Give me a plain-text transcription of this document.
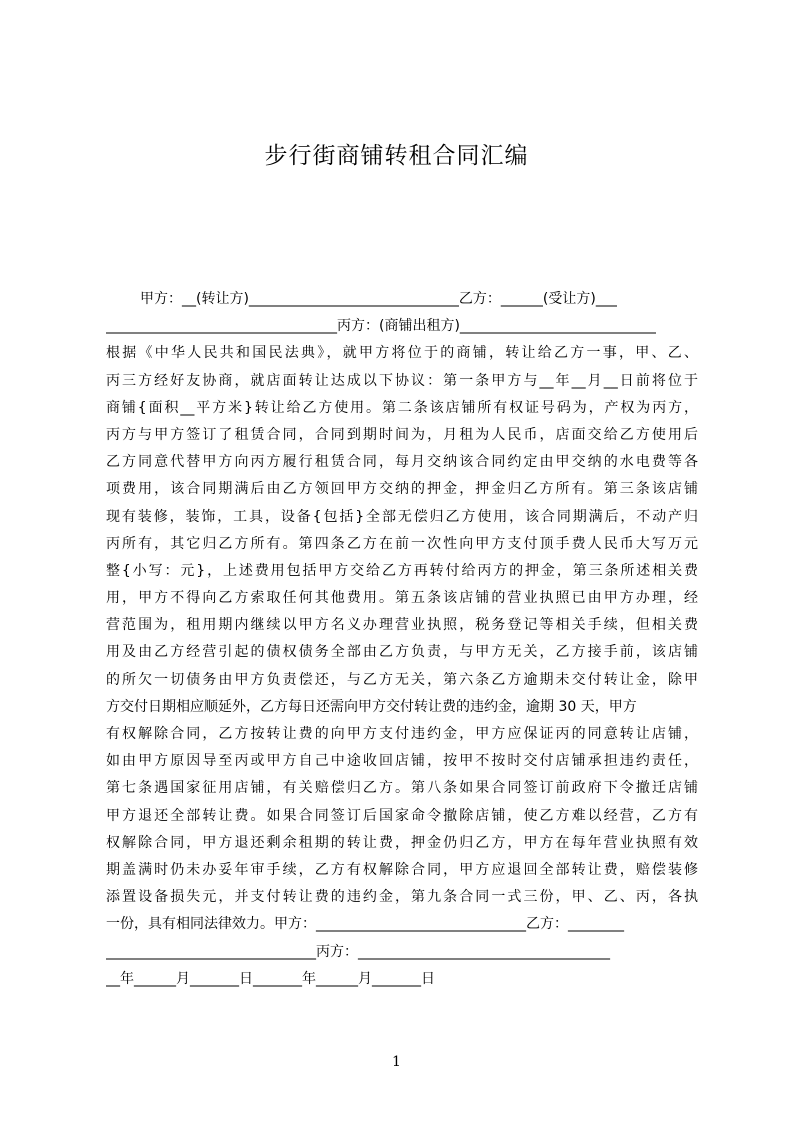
步行街商铺转租合同汇编
甲方：__(转让方)______________________________乙方：______(受让方)___
_________________________________丙方：(商铺出租方)____________________________
根据《中华人民共和国民法典》，就甲方将位于的商铺，转让给乙方一事，甲、乙、
丙三方经好友协商，就店面转让达成以下协议：第一条甲方与__年__月__日前将位于
商铺{面积__平方米}转让给乙方使用。第二条该店铺所有权证号码为，产权为丙方，
丙方与甲方签订了租赁合同，合同到期时间为，月租为人民币，店面交给乙方使用后
乙方同意代替甲方向丙方履行租赁合同，每月交纳该合同约定由甲交纳的水电费等各
项费用，该合同期满后由乙方领回甲方交纳的押金，押金归乙方所有。第三条该店铺
现有装修，装饰，工具，设备{包括}全部无偿归乙方使用，该合同期满后，不动产归
丙所有，其它归乙方所有。第四条乙方在前一次性向甲方支付顶手费人民币大写万元
整{小写：元}，上述费用包括甲方交给乙方再转付给丙方的押金，第三条所述相关费
用，甲方不得向乙方索取任何其他费用。第五条该店铺的营业执照已由甲方办理，经
营范围为，租用期内继续以甲方名义办理营业执照，税务登记等相关手续，但相关费
用及由乙方经营引起的债权债务全部由乙方负责，与甲方无关，乙方接手前，该店铺
的所欠一切债务由甲方负责偿还，与乙方无关，第六条乙方逾期未交付转让金，除甲
方交付日期相应顺延外，乙方每日还需向甲方交付转让费的违约金，逾期 30 天，甲方
有权解除合同，乙方按转让费的向甲方支付违约金，甲方应保证丙的同意转让店铺，
如由甲方原因导至丙或甲方自己中途收回店铺，按甲不按时交付店铺承担违约责任，
第七条遇国家征用店铺，有关赔偿归乙方。第八条如果合同签订前政府下令撤迁店铺
甲方退还全部转让费。如果合同签订后国家命令撤除店铺，使乙方难以经营，乙方有
权解除合同，甲方退还剩余租期的转让费，押金仍归乙方，甲方在每年营业执照有效
期盖满时仍未办妥年审手续，乙方有权解除合同，甲方应退回全部转让费，赔偿装修
添置设备损失元，并支付转让费的违约金，第九条合同一式三份，甲、乙、丙，各执
一份，具有相同法律效力。甲方：______________________________乙方：________
______________________________丙方：____________________________________
__年______月_______日_______年______月_______日
1
